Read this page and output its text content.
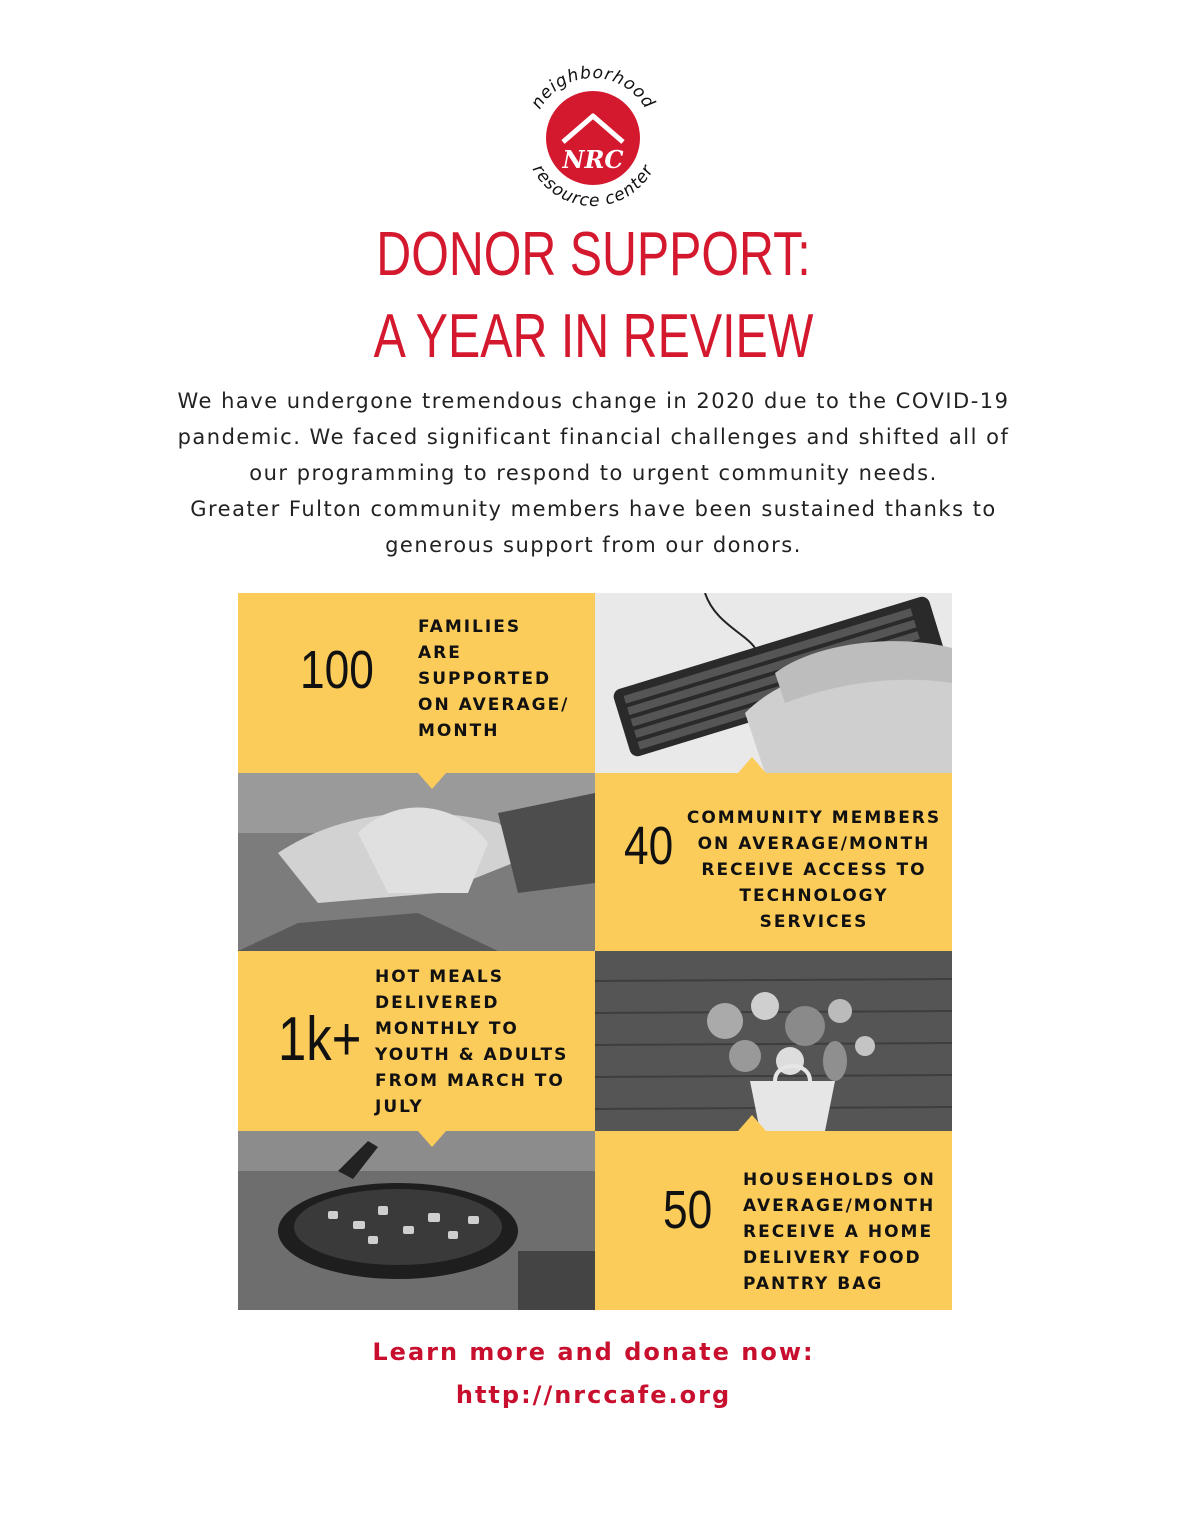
NRC
neighborhood
resource center
DONOR SUPPORT:
A YEAR IN REVIEW
We have undergone tremendous change in 2020 due to the COVID-19
pandemic. We faced significant financial challenges and shifted all of
our programming to respond to urgent community needs.
Greater Fulton community members have been sustained thanks to
generous support from our donors.
100
FAMILIES
ARE
SUPPORTED
ON AVERAGE/
MONTH
40 COMMUNITY MEMBERS
ON AVERAGE/MONTH
RECEIVE ACCESS TO
TECHNOLOGY
SERVICES
1k+
HOT MEALS
DELIVERED
MONTHLY TO
YOUTH & ADULTS
FROM MARCH TO
JULY
50 HOUSEHOLDS ON
AVERAGE/MONTH
RECEIVE A HOME
DELIVERY FOOD
PANTRY BAG
Learn more and donate now:
http://nrccafe.org
